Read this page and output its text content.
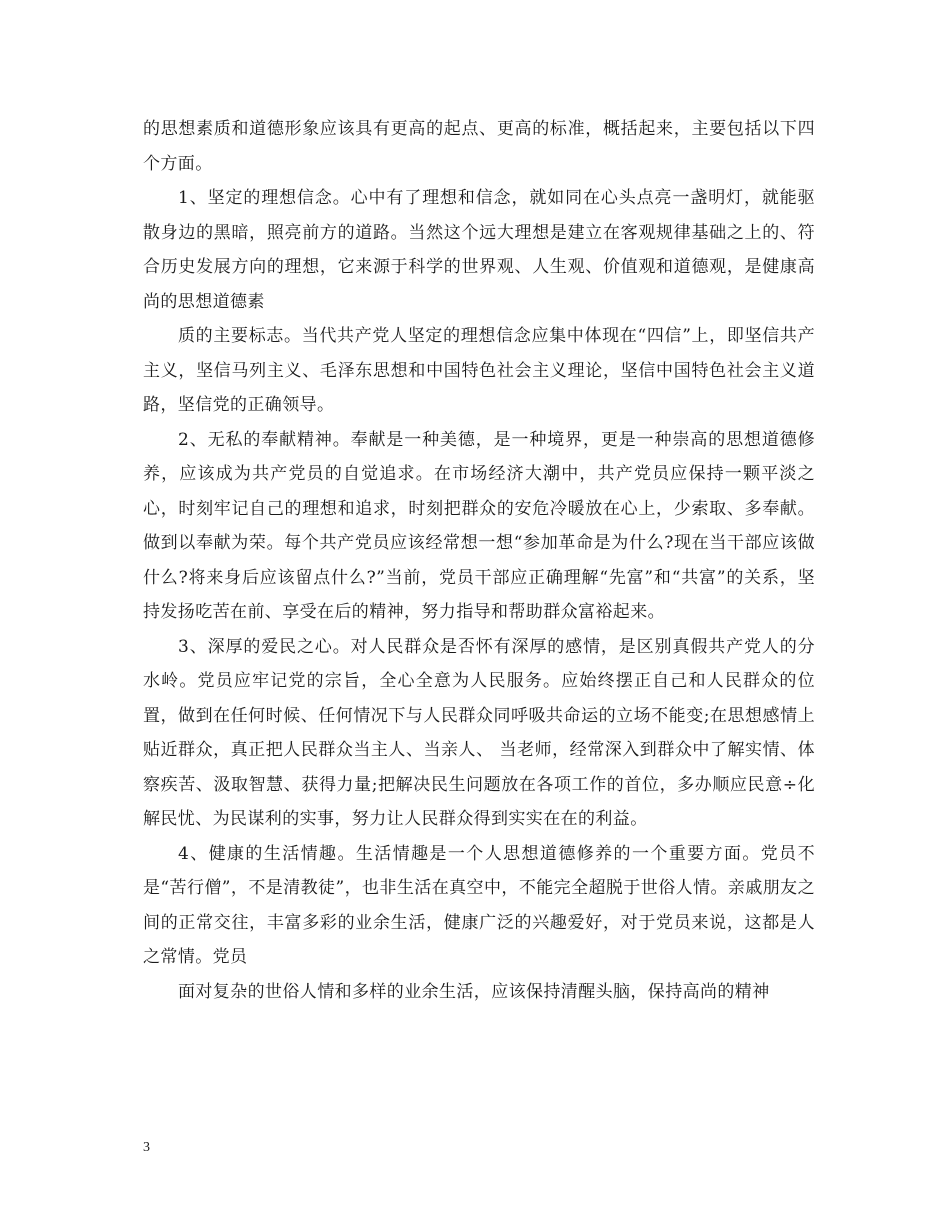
的思想素质和道德形象应该具有更高的起点、更高的标准，概括起来，主要包括以下四个方面。

1、坚定的理想信念。心中有了理想和信念，就如同在心头点亮一盏明灯，就能驱散身边的黑暗，照亮前方的道路。当然这个远大理想是建立在客观规律基础之上的、符合历史发展方向的理想，它来源于科学的世界观、人生观、价值观和道德观，是健康高尚的思想道德素

质的主要标志。当代共产党人坚定的理想信念应集中体现在“四信”上，即坚信共产主义，坚信马列主义、毛泽东思想和中国特色社会主义理论，坚信中国特色社会主义道路，坚信党的正确领导。

2、无私的奉献精神。奉献是一种美德，是一种境界，更是一种崇高的思想道德修养，应该成为共产党员的自觉追求。在市场经济大潮中，共产党员应保持一颗平淡之心，时刻牢记自己的理想和追求，时刻把群众的安危冷暖放在心上，少索取、多奉献。做到以奉献为荣。每个共产党员应该经常想一想“参加革命是为什么?现在当干部应该做什么?将来身后应该留点什么?”当前，党员干部应正确理解“先富”和“共富”的关系，坚持发扬吃苦在前、享受在后的精神，努力指导和帮助群众富裕起来。

3、深厚的爱民之心。对人民群众是否怀有深厚的感情，是区别真假共产党人的分水岭。党员应牢记党的宗旨，全心全意为人民服务。应始终摆正自己和人民群众的位置，做到在任何时候、任何情况下与人民群众同呼吸共命运的立场不能变;在思想感情上贴近群众，真正把人民群众当主人、当亲人、 当老师，经常深入到群众中了解实情、体察疾苦、汲取智慧、获得力量;把解决民生问题放在各项工作的首位，多办顺应民意÷化解民忧、为民谋利的实事，努力让人民群众得到实实在在的利益。

4、健康的生活情趣。生活情趣是一个人思想道德修养的一个重要方面。党员不是“苦行僧”，不是清教徒”，也非生活在真空中，不能完全超脱于世俗人情。亲戚朋友之间的正常交往，丰富多彩的业余生活，健康广泛的兴趣爱好，对于党员来说，这都是人之常情。党员

面对复杂的世俗人情和多样的业余生活，应该保持清醒头脑，保持高尚的精神

3
